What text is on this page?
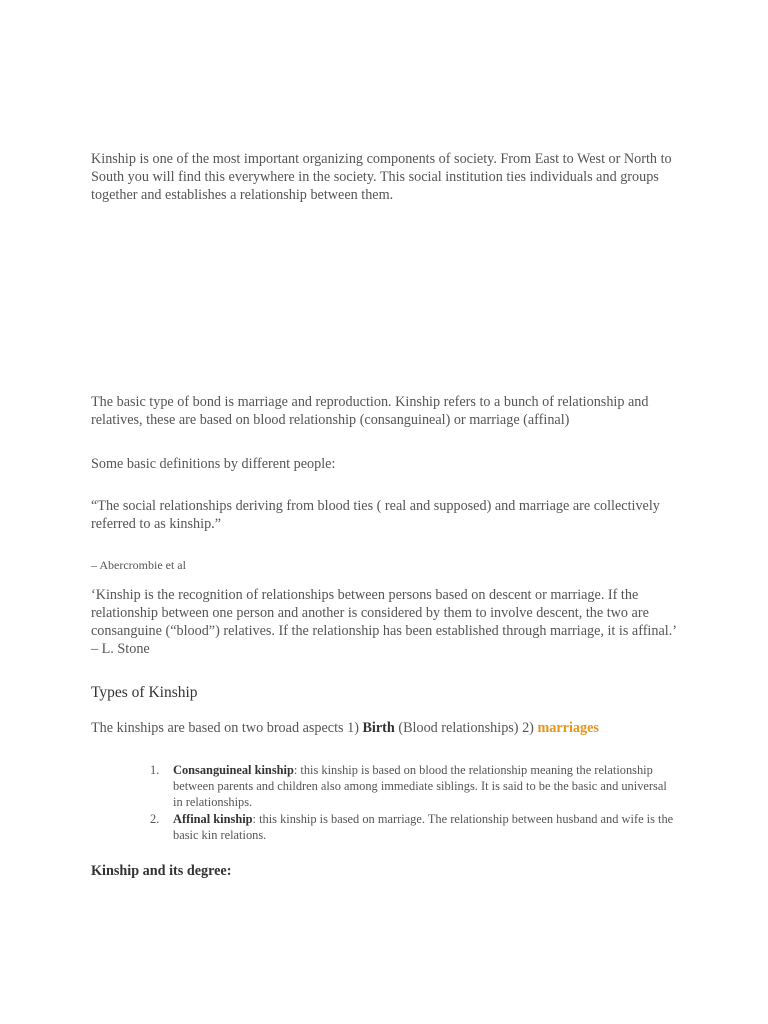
Kinship is one of the most important organizing components of society. From East to West or North to South you will find this everywhere in the society. This social institution ties individuals and groups together and establishes a relationship between them.

The basic type of bond is marriage and reproduction. Kinship refers to a bunch of relationship and relatives, these are based on blood relationship (consanguineal) or marriage (affinal)

Some basic definitions by different people:

“The social relationships deriving from blood ties ( real and supposed) and marriage are collectively referred to as kinship.”

– Abercrombie et al

‘Kinship is the recognition of relationships between persons based on descent or marriage. If the relationship between one person and another is considered by them to involve descent, the two are consanguine (“blood”) relatives. If the relationship has been established through marriage, it is affinal.’ – L. Stone

Types of Kinship

The kinships are based on two broad aspects 1) Birth (Blood relationships) 2) marriages

1. Consanguineal kinship: this kinship is based on blood the relationship meaning the relationship between parents and children also among immediate siblings. It is said to be the basic and universal in relationships.
2. Affinal kinship: this kinship is based on marriage. The relationship between husband and wife is the basic kin relations.

Kinship and its degree:
